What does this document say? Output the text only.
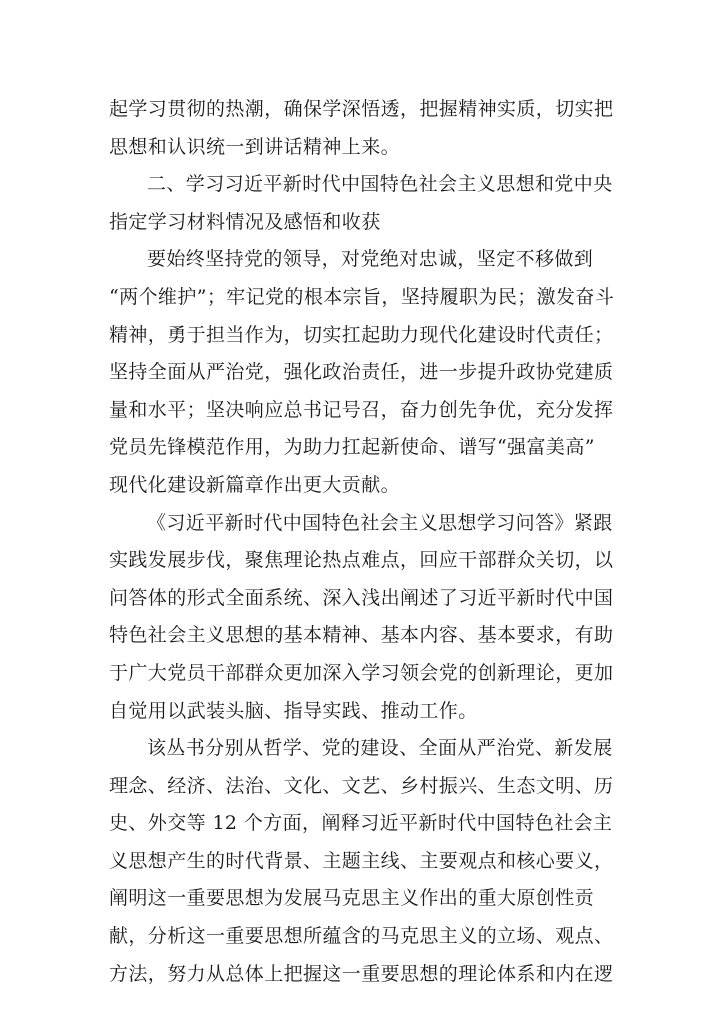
起学习贯彻的热潮，确保学深悟透，把握精神实质，切实把
思想和认识统一到讲话精神上来。
二、学习习近平新时代中国特色社会主义思想和党中央
指定学习材料情况及感悟和收获
要始终坚持党的领导，对党绝对忠诚，坚定不移做到
“两个维护”；牢记党的根本宗旨，坚持履职为民；激发奋斗
精神，勇于担当作为，切实扛起助力现代化建设时代责任；
坚持全面从严治党，强化政治责任，进一步提升政协党建质
量和水平；坚决响应总书记号召，奋力创先争优，充分发挥
党员先锋模范作用，为助力扛起新使命、谱写“强富美高”
现代化建设新篇章作出更大贡献。
《习近平新时代中国特色社会主义思想学习问答》紧跟
实践发展步伐，聚焦理论热点难点，回应干部群众关切，以
问答体的形式全面系统、深入浅出阐述了习近平新时代中国
特色社会主义思想的基本精神、基本内容、基本要求，有助
于广大党员干部群众更加深入学习领会党的创新理论，更加
自觉用以武装头脑、指导实践、推动工作。
该丛书分别从哲学、党的建设、全面从严治党、新发展
理念、经济、法治、文化、文艺、乡村振兴、生态文明、历
史、外交等 12 个方面，阐释习近平新时代中国特色社会主
义思想产生的时代背景、主题主线、主要观点和核心要义，
阐明这一重要思想为发展马克思主义作出的重大原创性贡
献，分析这一重要思想所蕴含的马克思主义的立场、观点、
方法，努力从总体上把握这一重要思想的理论体系和内在逻
